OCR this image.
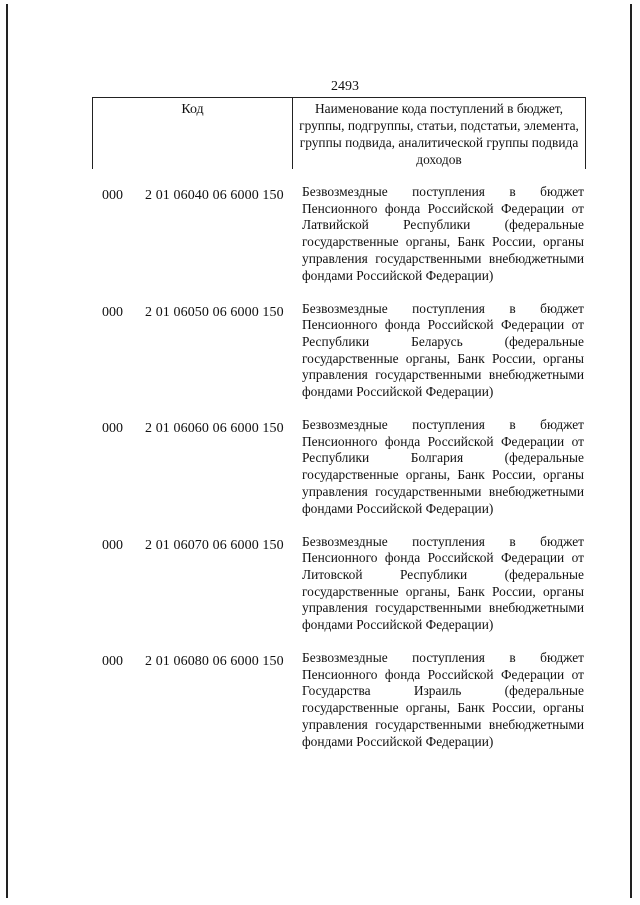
2493
Код	Наименование кода поступлений в бюджет, группы, подгруппы, статьи, подстатьи, элемента, группы подвида, аналитической группы подвида доходов
000 2 01 06040 06 6000 150 Безвозмездные поступления в бюджет Пенсионного фонда Российской Федерации от Латвийской Республики (федеральные государственные органы, Банк России, органы управления государственными внебюджетными фондами Российской Федерации)
000 2 01 06050 06 6000 150 Безвозмездные поступления в бюджет Пенсионного фонда Российской Федерации от Республики Беларусь (федеральные государственные органы, Банк России, органы управления государственными внебюджетными фондами Российской Федерации)
000 2 01 06060 06 6000 150 Безвозмездные поступления в бюджет Пенсионного фонда Российской Федерации от Республики Болгария (федеральные государственные органы, Банк России, органы управления государственными внебюджетными фондами Российской Федерации)
000 2 01 06070 06 6000 150 Безвозмездные поступления в бюджет Пенсионного фонда Российской Федерации от Литовской Республики (федеральные государственные органы, Банк России, органы управления государственными внебюджетными фондами Российской Федерации)
000 2 01 06080 06 6000 150 Безвозмездные поступления в бюджет Пенсионного фонда Российской Федерации от Государства Израиль (федеральные государственные органы, Банк России, органы управления государственными внебюджетными фондами Российской Федерации)
